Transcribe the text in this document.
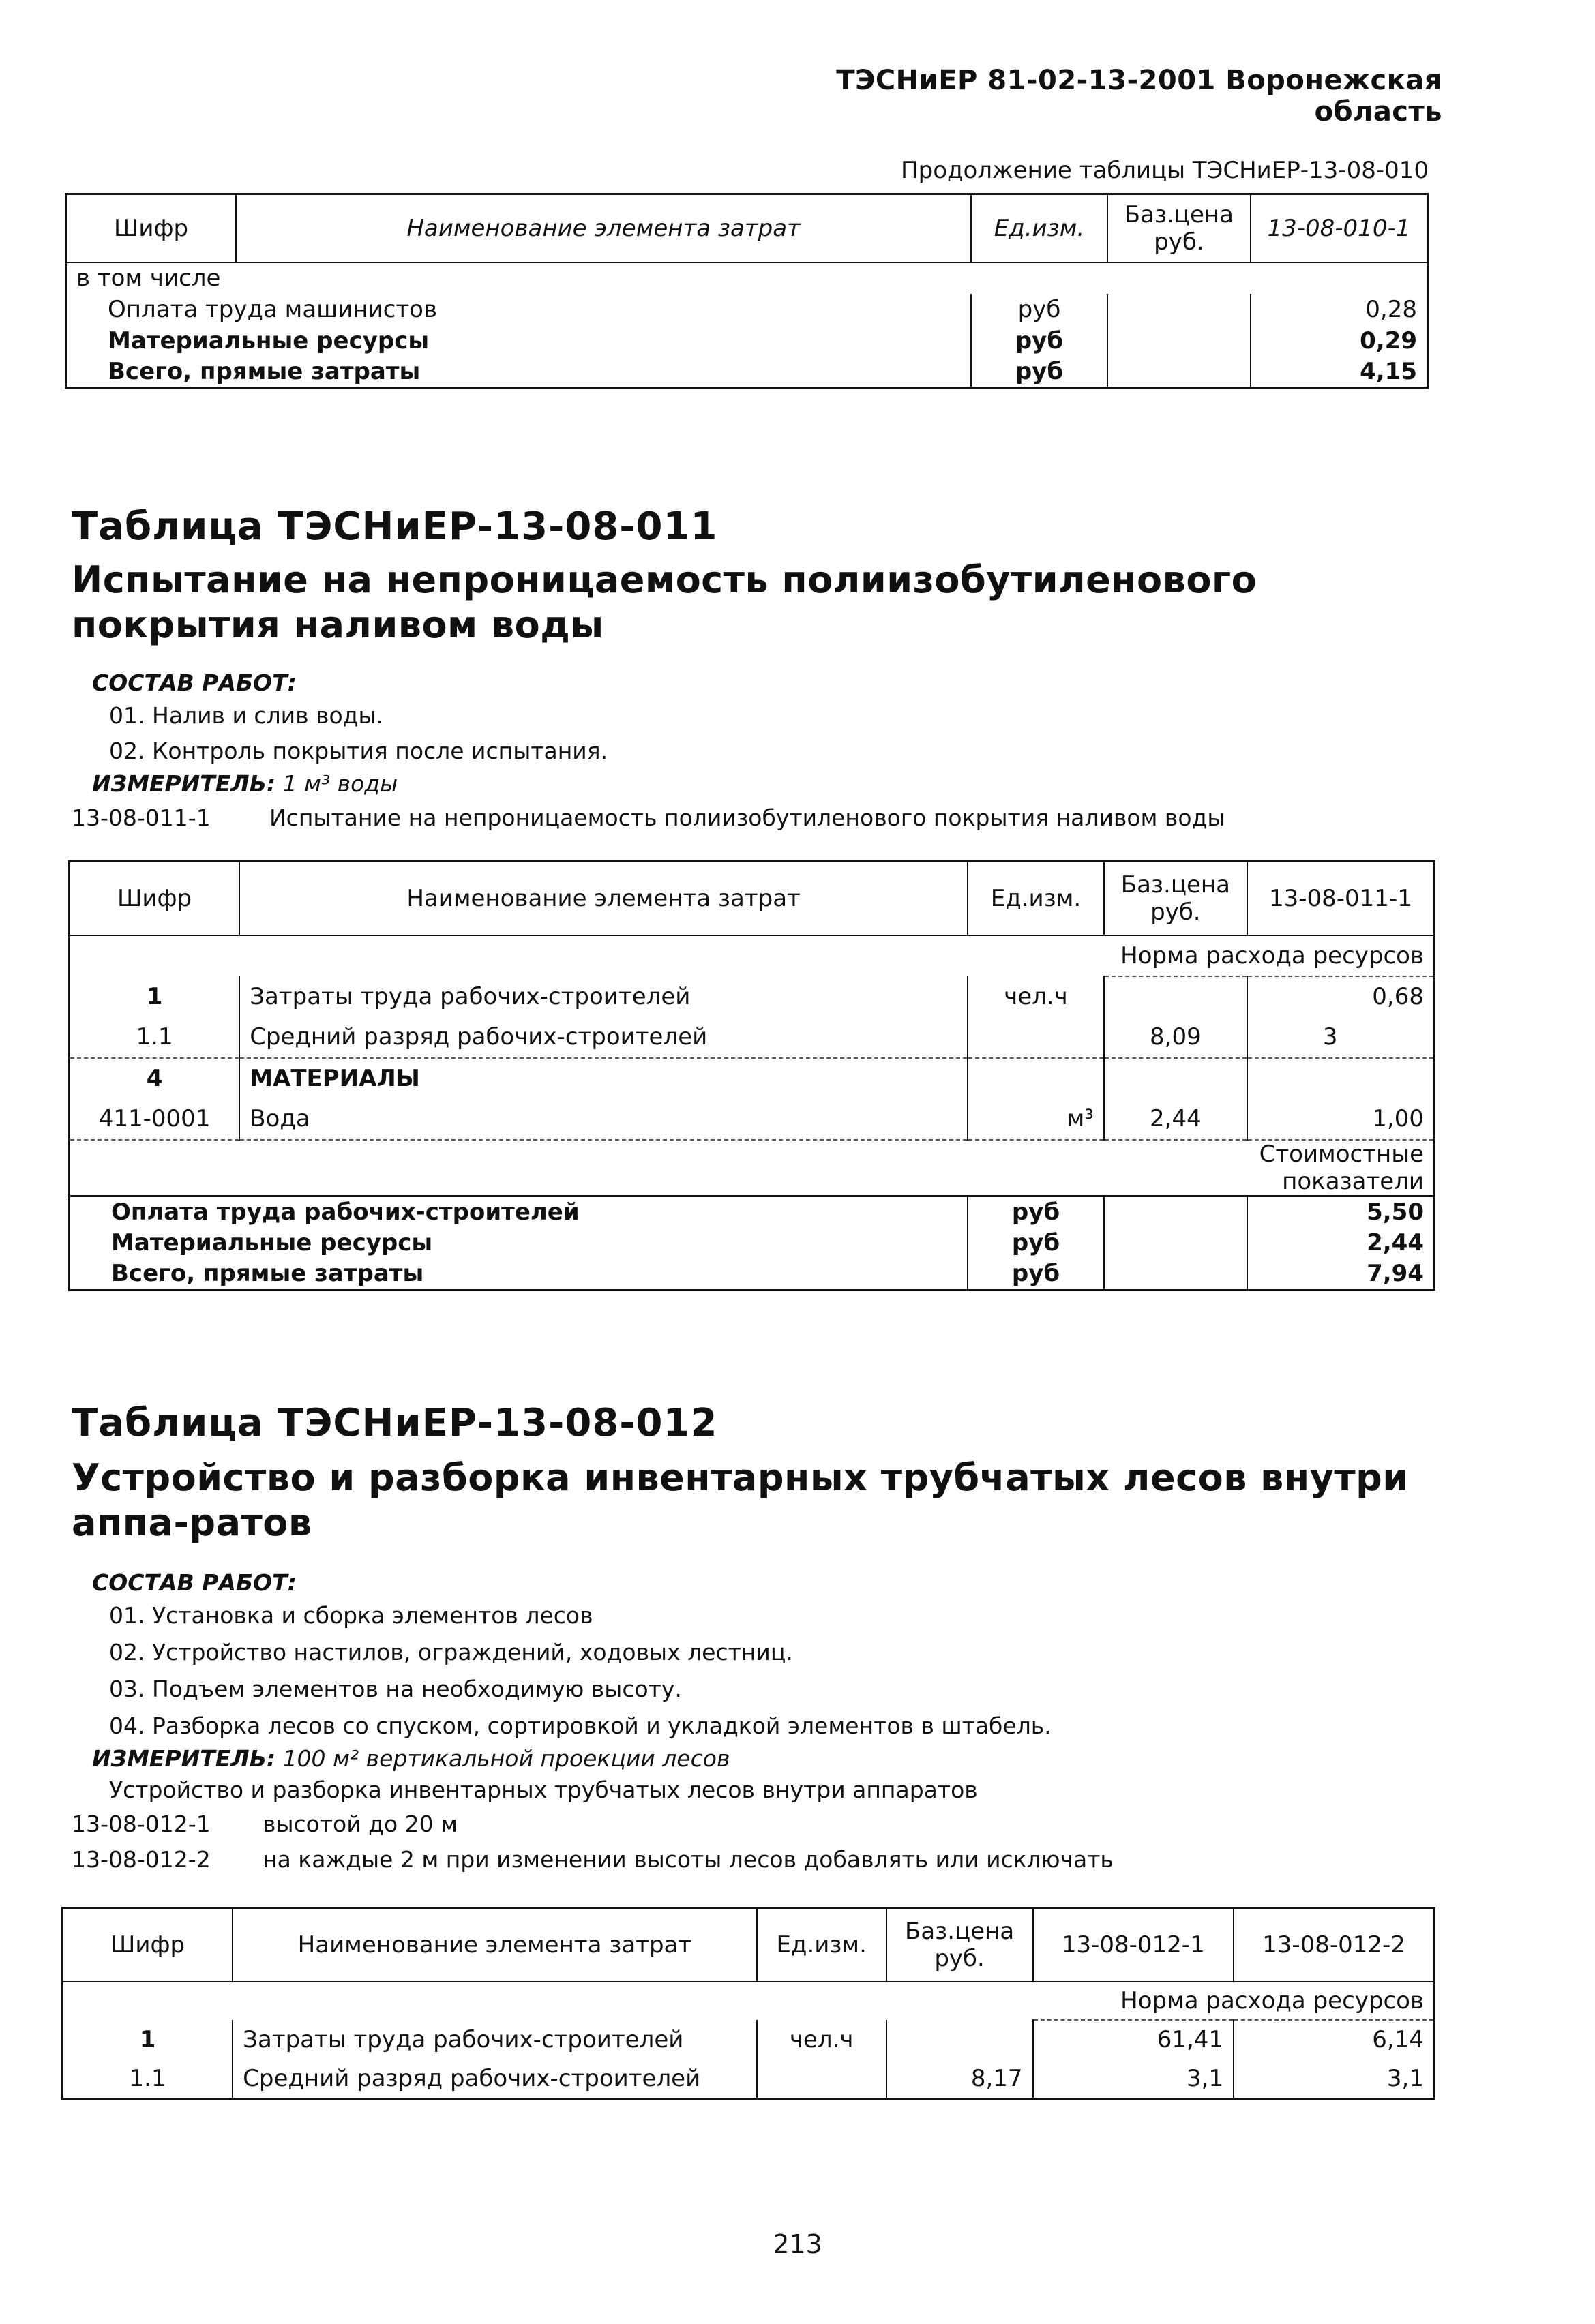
ТЭСНиЕР 81-02-13-2001 Воронежская область
Продолжение таблицы ТЭСНиЕР-13-08-010
Шифр	Наименование элемента затрат	Ед.изм.	Баз.цена руб.	13-08-010-1
в том числе				
Оплата труда машинистов		руб		0,28
Материальные ресурсы		руб		0,29
Всего, прямые затраты		руб		4,15
Таблица ТЭСНиЕР-13-08-011
Испытание на непроницаемость полиизобутиленового покрытия наливом воды
СОСТАВ РАБОТ:
01. Налив и слив воды.
02. Контроль покрытия после испытания.
ИЗМЕРИТЕЛЬ: 1 м³ воды
13-08-011-1	Испытание на непроницаемость полиизобутиленового покрытия наливом воды
Шифр	Наименование элемента затрат	Ед.изм.	Баз.цена руб.	13-08-011-1
			Норма расхода ресурсов	
1	Затраты труда рабочих-строителей	чел.ч		0,68
1.1	Средний разряд рабочих-строителей		8,09	3
4	МАТЕРИАЛЫ			
411-0001	Вода	м³	2,44	1,00
			Стоимостные показатели	
Оплата труда рабочих-строителей		руб		5,50
Материальные ресурсы		руб		2,44
Всего, прямые затраты		руб		7,94
Таблица ТЭСНиЕР-13-08-012
Устройство и разборка инвентарных трубчатых лесов внутри аппа-ратов
СОСТАВ РАБОТ:
01. Установка и сборка элементов лесов
02. Устройство настилов, ограждений, ходовых лестниц.
03. Подъем элементов на необходимую высоту.
04. Разборка лесов со спуском, сортировкой и укладкой элементов в штабель.
ИЗМЕРИТЕЛЬ: 100 м² вертикальной проекции лесов
Устройство и разборка инвентарных трубчатых лесов внутри аппаратов
13-08-012-1 высотой до 20 м
13-08-012-2 на каждые 2 м при изменении высоты лесов добавлять или исключать
Шифр	Наименование элемента затрат	Ед.изм.	Баз.цена руб.	13-08-012-1	13-08-012-2
				Норма расхода ресурсов	
1	Затраты труда рабочих-строителей	чел.ч		61,41	6,14
1.1	Средний разряд рабочих-строителей		8,17	3,1	3,1
213
